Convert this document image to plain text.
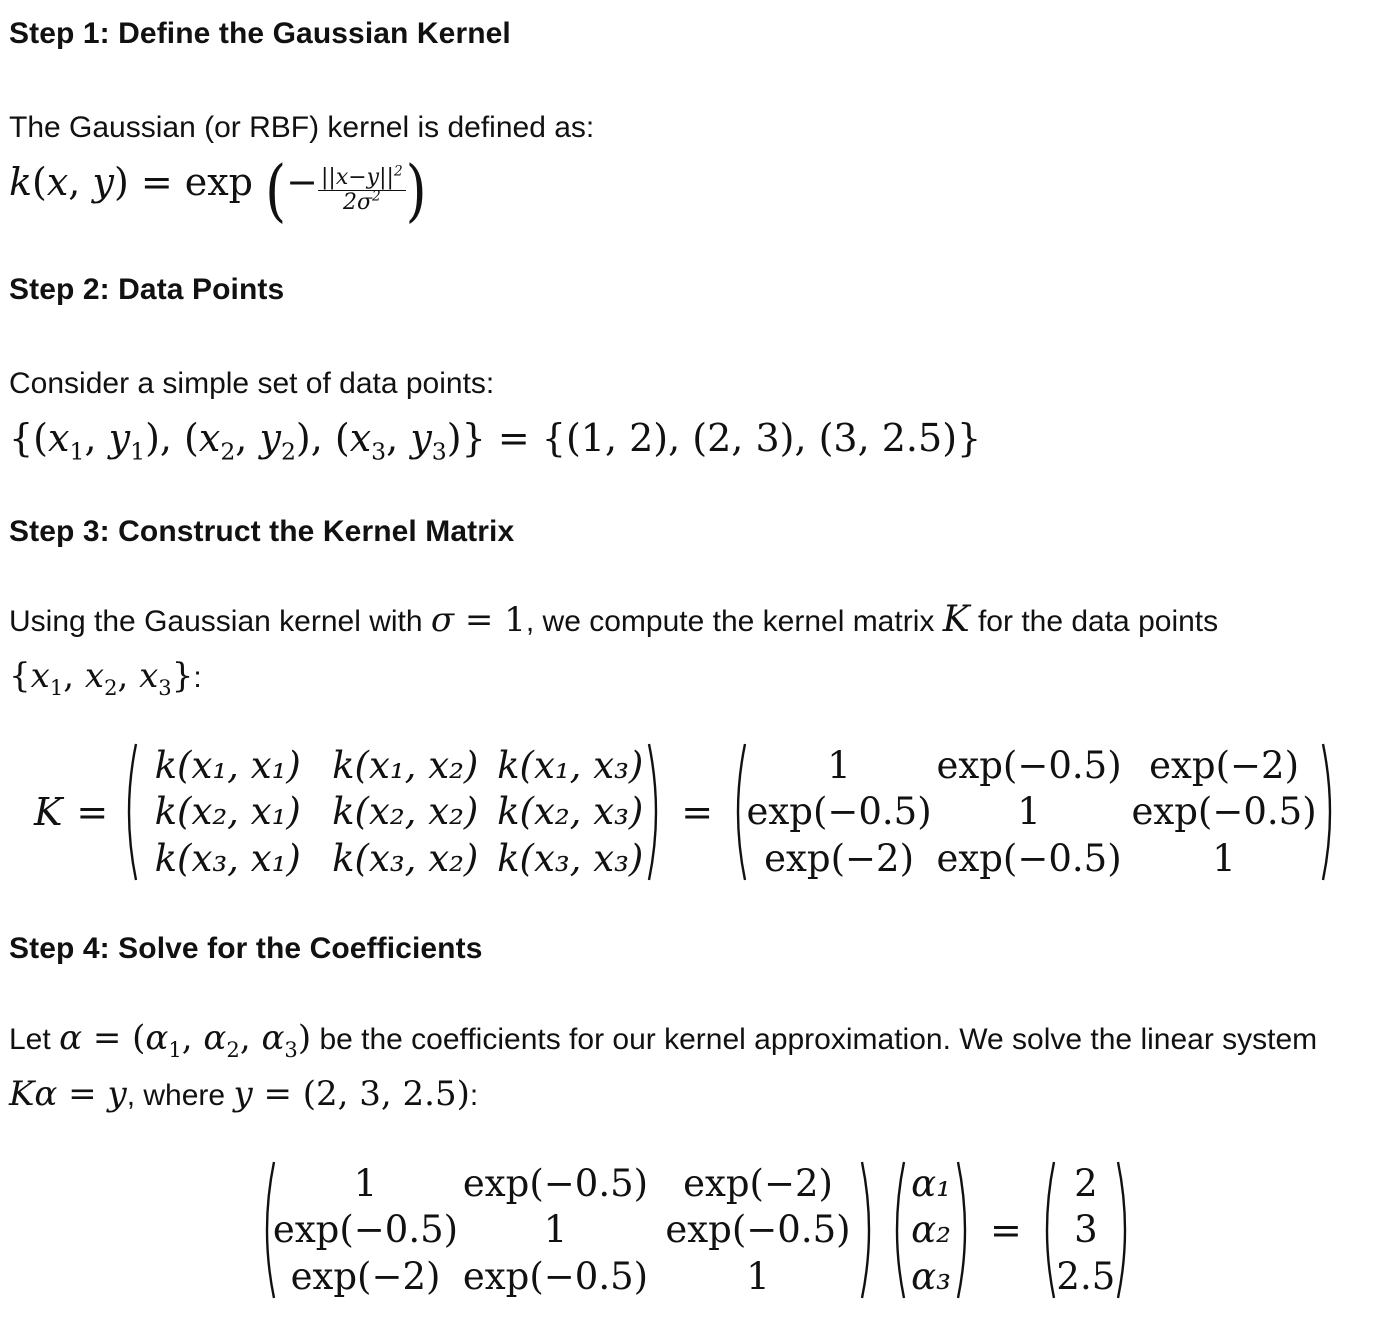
Step 1: Define the Gaussian Kernel
The Gaussian (or RBF) kernel is defined as:
k(x, y) = exp (− $\frac{||x-y||^2}{2\sigma^2}$ )
Step 2: Data Points
Consider a simple set of data points:
{($x_1$, $y_1$), ($x_2$, $y_2$), ($x_3$, $y_3)\} = \{(1$, 2), (2, 3), (3, 2.5)}
Step 3: Construct the Kernel Matrix
Using the Gaussian kernel with σ = 1, we compute the kernel matrix K for the data points
{$x_1$, $x_2$, $x_3$}:
K =
k(x₁, x₁) k(x₁, x₂) k(x₁, x₃)
k(x₂, x₁) k(x₂, x₂) k(x₂, x₃)
k(x₃, x₁) k(x₃, x₂) k(x₃, x₃)
=
1 exp(−0.5) exp(−2)
exp(−0.5) 1 exp(−0.5)
exp(−2) exp(−0.5) 1
Step 4: Solve for the Coefficients
Let $\alpha = (\alpha_1$, $\alpha_2$, $\alpha_3$) be the coefficients for our kernel approximation. We solve the linear system
Kα = y, where y = (2, 3, 2.5):
1 exp(−0.5) exp(−2)
exp(−0.5) 1	exp(−0.5)
exp(−2) exp(−0.5)	1
α₁
α₂
α₃
=
2
3
2.5
